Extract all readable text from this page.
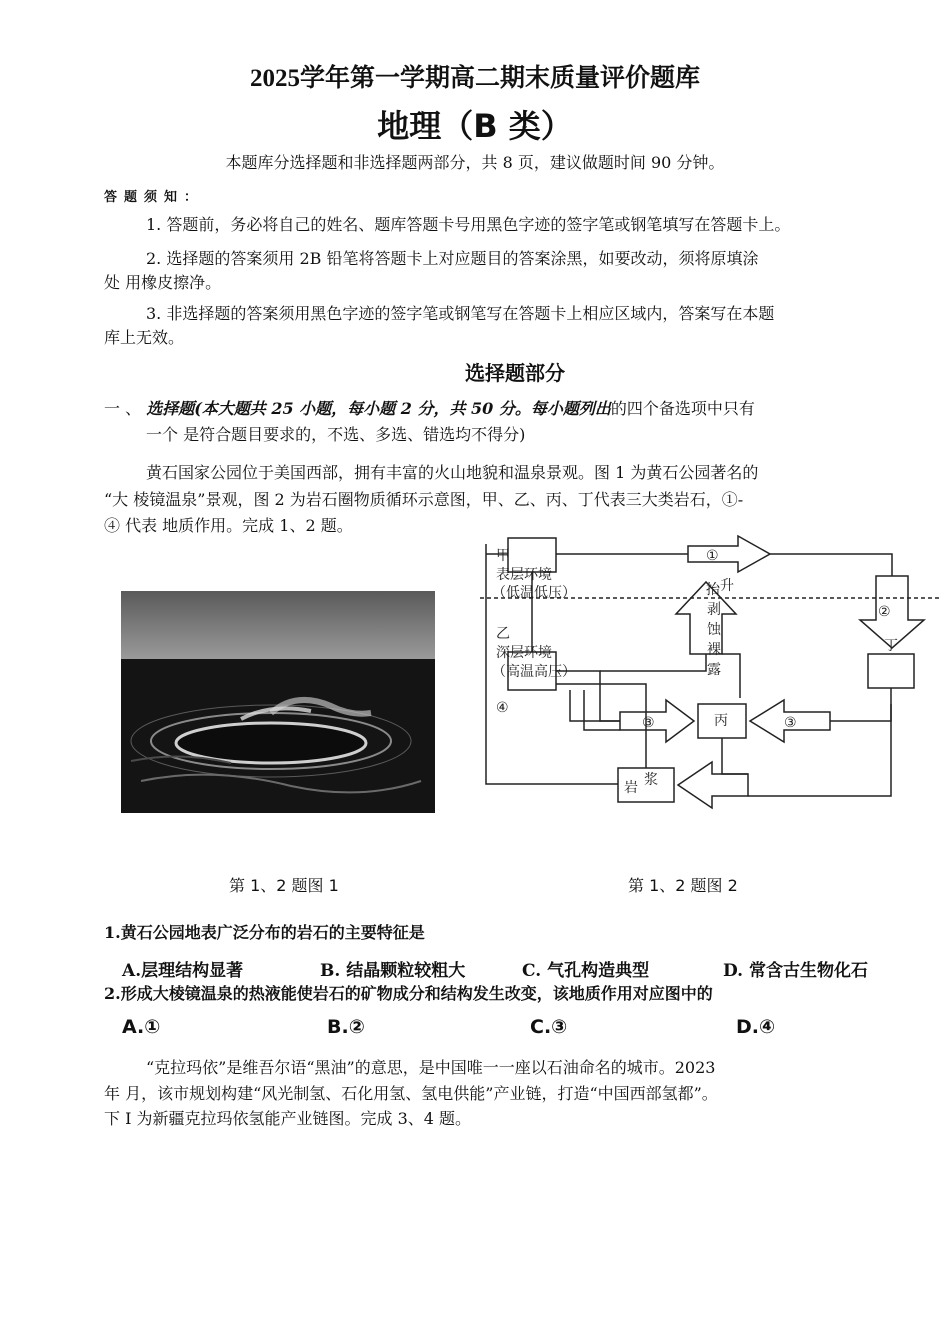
2025学年第一学期高二期末质量评价题库
地理（B 类）
本题库分选择题和非选择题两部分，共 8 页，建议做题时间 90 分钟。
答题须知：
1. 答题前，务必将自己的姓名、题库答题卡号用黑色字迹的签字笔或钢笔填写在答题卡上。
2. 选择题的答案须用 2B 铅笔将答题卡上对应题目的答案涂黑，如要改动，须将原填涂
处 用橡皮擦净。
3. 非选择题的答案须用黑色字迹的签字笔或钢笔写在答题卡上相应区域内，答案写在本题
库上无效。
选择题部分
一 、 选择题(本大题共 25 小题，每小题 2 分，共 50 分。每小题列出的四个备选项中只有
一个 是符合题目要求的，不选、多选、错选均不得分)
黄石国家公园位于美国西部，拥有丰富的火山地貌和温泉景观。图 1 为黄石公园著名的
“大 棱镜温泉”景观，图 2 为岩石圈物质循环示意图，甲、乙、丙、丁代表三大类岩石，①-
④ 代表 地质作用。完成 1、2 题。
甲
表层环境
（低温低压）
乙
深层环境
（高温高压）
抬 升
剥
蚀
裸
露
丙
丁
岩 浆
①
②
③	③
④
第 1、2 题图 1	第 1、2 题图 2
1.黄石公园地表广泛分布的岩石的主要特征是
A.层理结构显著	B. 结晶颗粒较粗大	C. 气孔构造典型	D. 常含古生物化石
2.形成大棱镜温泉的热液能使岩石的矿物成分和结构发生改变，该地质作用对应图中的
A.①	B.②	C.③	D.④
“克拉玛依”是维吾尔语“黑油”的意思，是中国唯一一座以石油命名的城市。2023
年 月，该市规划构建“风光制氢、石化用氢、氢电供能”产业链，打造“中国西部氢都”。
下 I 为新疆克拉玛依氢能产业链图。完成 3、4 题。
